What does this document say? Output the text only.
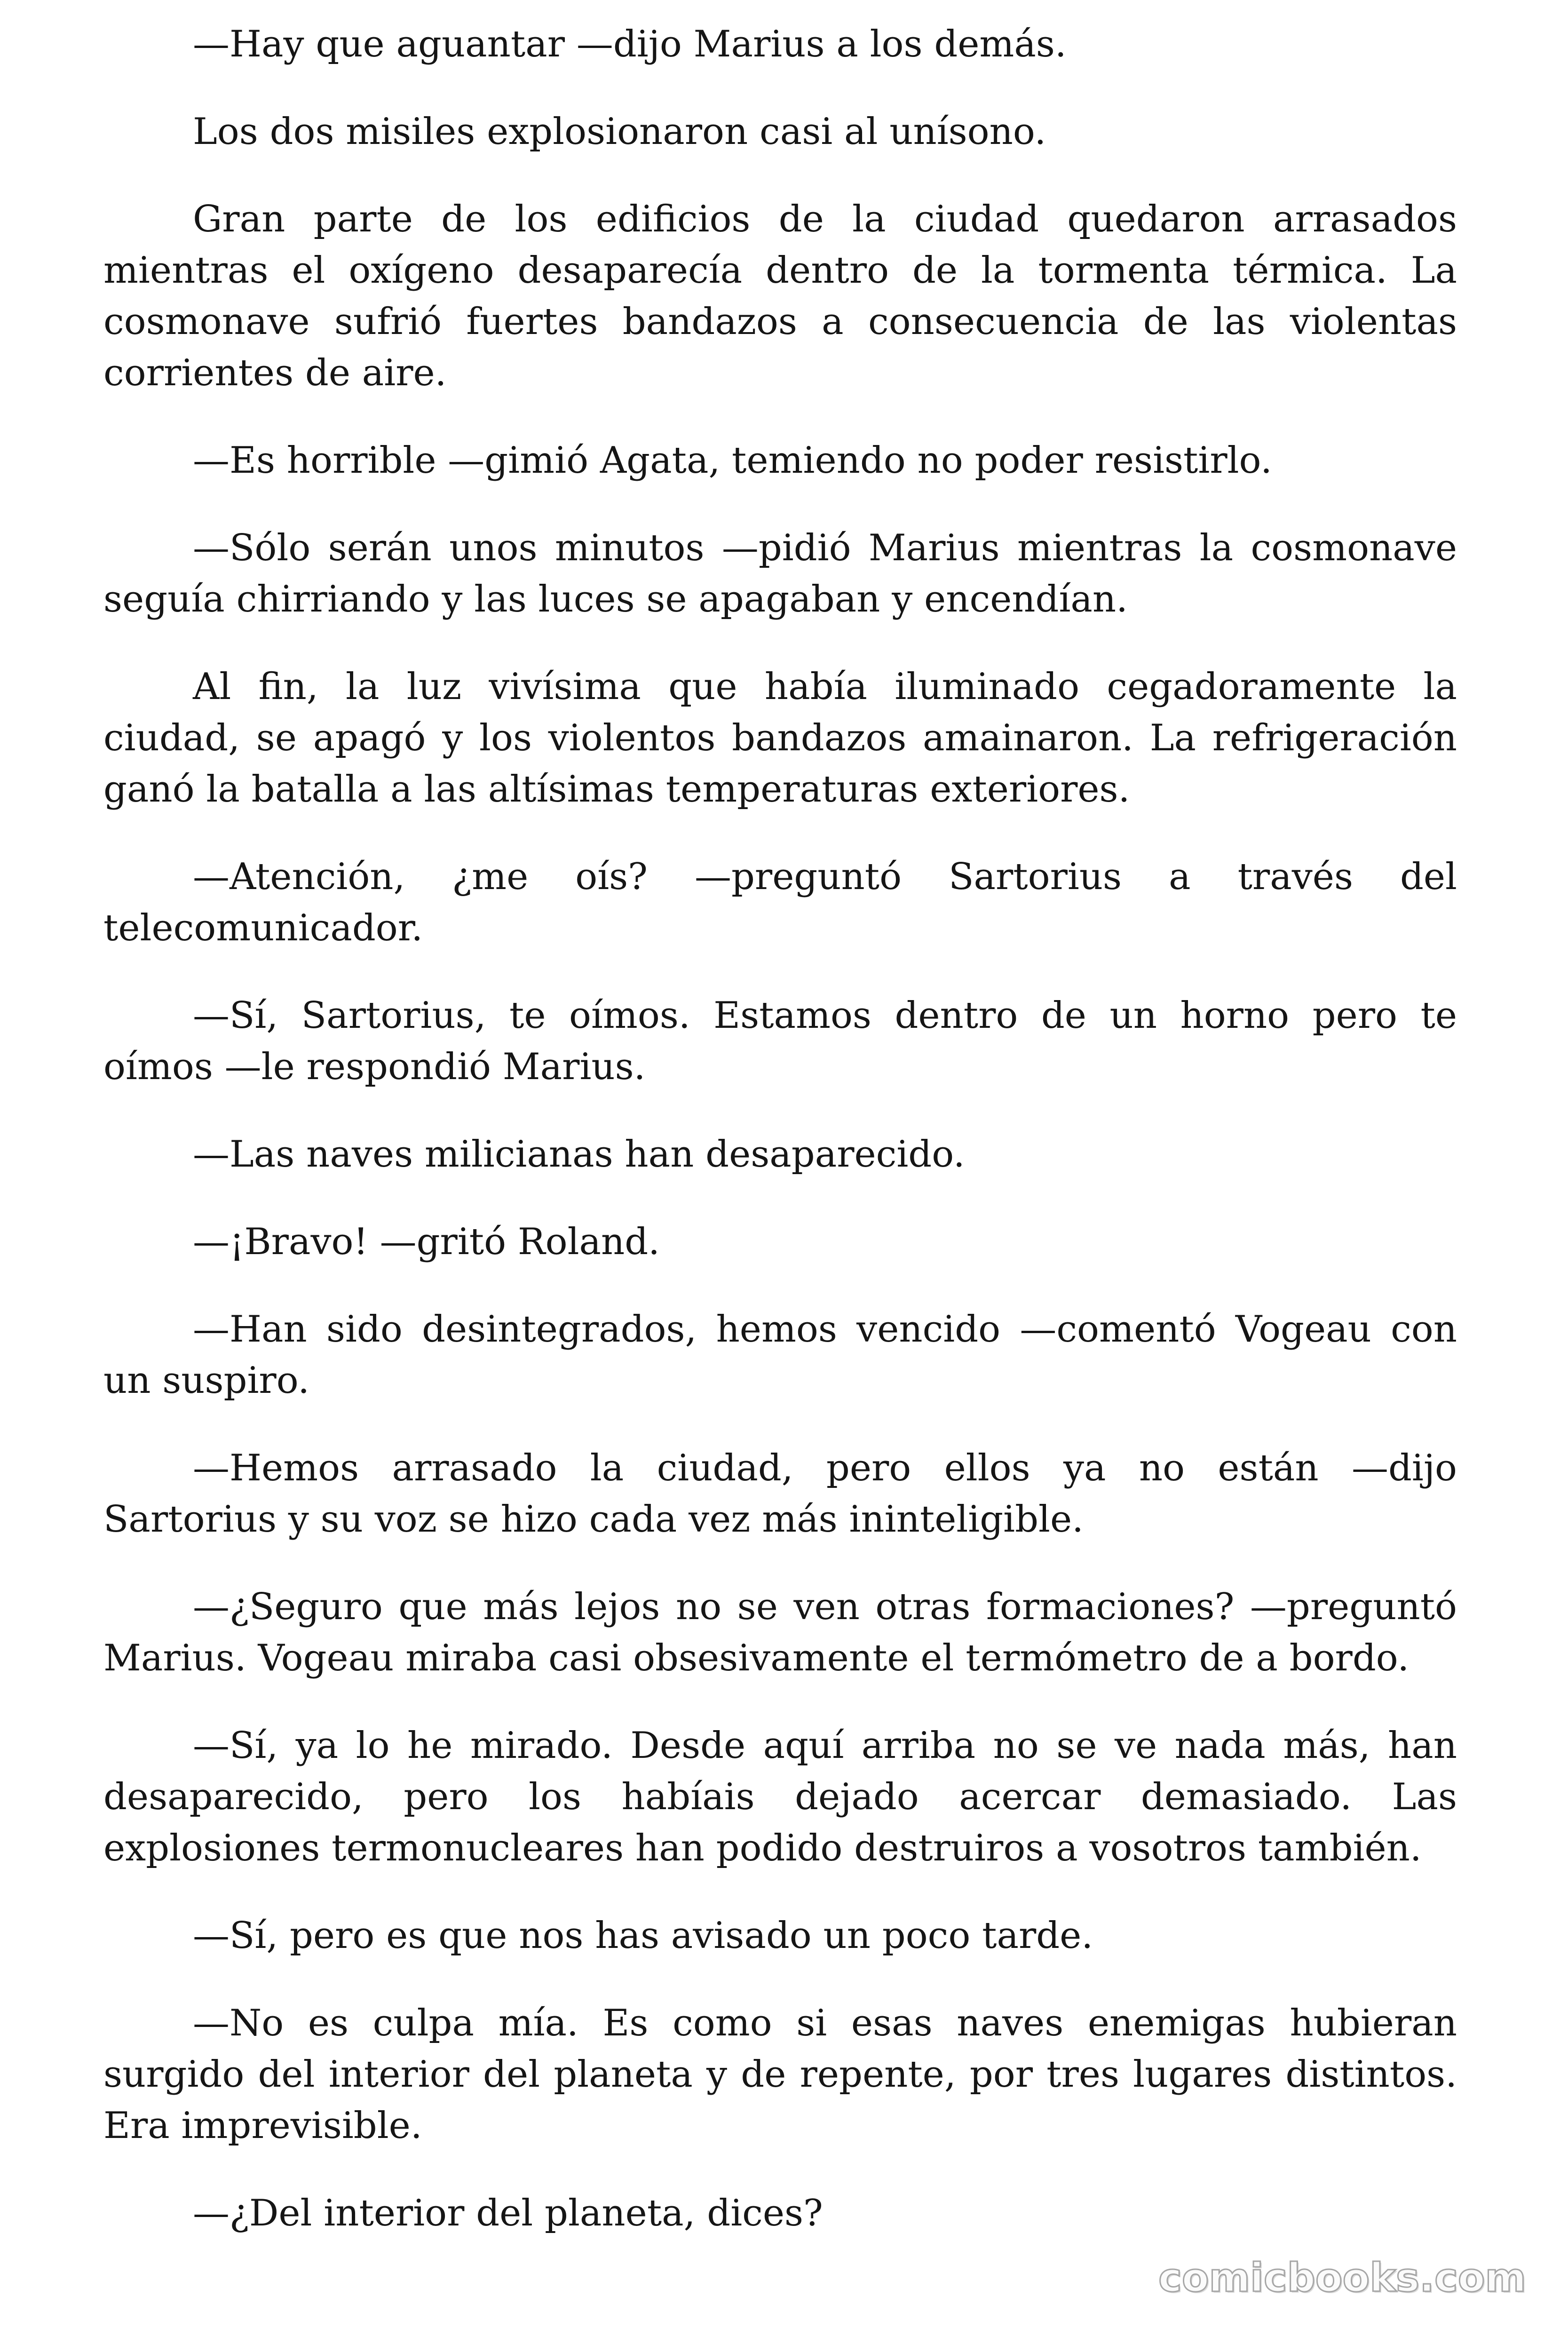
—Hay que aguantar —dijo Marius a los demás.
Los dos misiles explosionaron casi al unísono.
Gran parte de los edificios de la ciudad quedaron arrasados
mientras el oxígeno desaparecía dentro de la tormenta térmica. La
cosmonave sufrió fuertes bandazos a consecuencia de las violentas
corrientes de aire.
—Es horrible —gimió Agata, temiendo no poder resistirlo.
—Sólo serán unos minutos —pidió Marius mientras la cosmonave
seguía chirriando y las luces se apagaban y encendían.
Al fin, la luz vivísima que había iluminado cegadoramente la
ciudad, se apagó y los violentos bandazos amainaron. La refrigeración
ganó la batalla a las altísimas temperaturas exteriores.
—Atención, ¿me oís? —preguntó Sartorius a través del
telecomunicador.
—Sí, Sartorius, te oímos. Estamos dentro de un horno pero te
oímos —le respondió Marius.
—Las naves milicianas han desaparecido.
—¡Bravo! —gritó Roland.
—Han sido desintegrados, hemos vencido —comentó Vogeau con
un suspiro.
—Hemos arrasado la ciudad, pero ellos ya no están —dijo
Sartorius y su voz se hizo cada vez más ininteligible.
—¿Seguro que más lejos no se ven otras formaciones? —preguntó
Marius. Vogeau miraba casi obsesivamente el termómetro de a bordo.
—Sí, ya lo he mirado. Desde aquí arriba no se ve nada más, han
desaparecido, pero los habíais dejado acercar demasiado. Las
explosiones termonucleares han podido destruiros a vosotros también.
—Sí, pero es que nos has avisado un poco tarde.
—No es culpa mía. Es como si esas naves enemigas hubieran
surgido del interior del planeta y de repente, por tres lugares distintos.
Era imprevisible.
—¿Del interior del planeta, dices?
comicbooks.com
